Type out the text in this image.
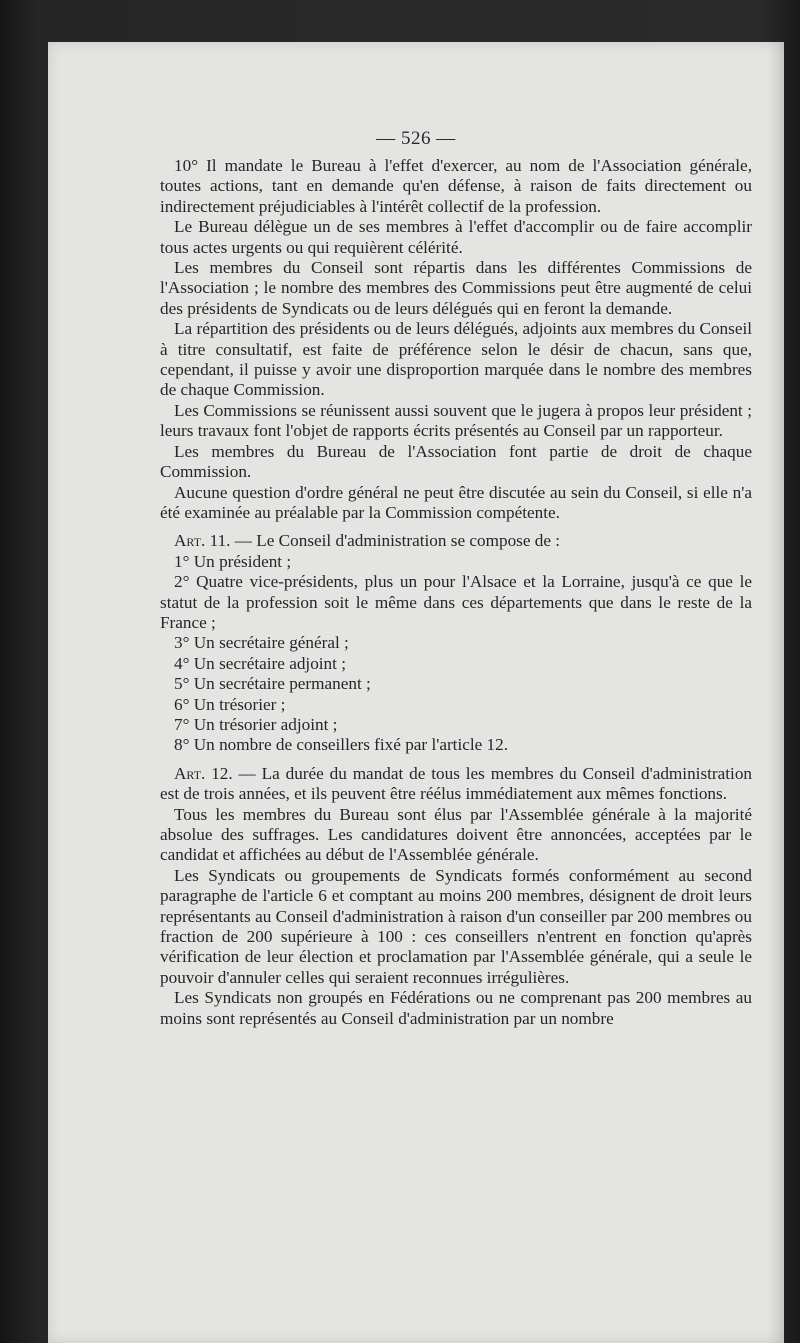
— 526 —

10° Il mandate le Bureau à l'effet d'exercer, au nom de l'Association générale, toutes actions, tant en demande qu'en défense, à raison de faits directement ou indirectement préjudiciables à l'intérêt collectif de la profession.

Le Bureau délègue un de ses membres à l'effet d'accomplir ou de faire accomplir tous actes urgents ou qui requièrent célérité.

Les membres du Conseil sont répartis dans les différentes Commissions de l'Association ; le nombre des membres des Commissions peut être augmenté de celui des présidents de Syndicats ou de leurs délégués qui en feront la demande.

La répartition des présidents ou de leurs délégués, adjoints aux membres du Conseil à titre consultatif, est faite de préférence selon le désir de chacun, sans que, cependant, il puisse y avoir une disproportion marquée dans le nombre des membres de chaque Commission.

Les Commissions se réunissent aussi souvent que le jugera à propos leur président ; leurs travaux font l'objet de rapports écrits présentés au Conseil par un rapporteur.

Les membres du Bureau de l'Association font partie de droit de chaque Commission.

Aucune question d'ordre général ne peut être discutée au sein du Conseil, si elle n'a été examinée au préalable par la Commission compétente.

Art. 11. — Le Conseil d'administration se compose de :

1° Un président ;

2° Quatre vice-présidents, plus un pour l'Alsace et la Lorraine, jusqu'à ce que le statut de la profession soit le même dans ces départements que dans le reste de la France ;

3° Un secrétaire général ;

4° Un secrétaire adjoint ;

5° Un secrétaire permanent ;

6° Un trésorier ;

7° Un trésorier adjoint ;

8° Un nombre de conseillers fixé par l'article 12.

Art. 12. — La durée du mandat de tous les membres du Conseil d'administration est de trois années, et ils peuvent être réélus immédiatement aux mêmes fonctions.

Tous les membres du Bureau sont élus par l'Assemblée générale à la majorité absolue des suffrages. Les candidatures doivent être annoncées, acceptées par le candidat et affichées au début de l'Assemblée générale.

Les Syndicats ou groupements de Syndicats formés conformément au second paragraphe de l'article 6 et comptant au moins 200 membres, désignent de droit leurs représentants au Conseil d'administration à raison d'un conseiller par 200 membres ou fraction de 200 supérieure à 100 : ces conseillers n'entrent en fonction qu'après vérification de leur élection et proclamation par l'Assemblée générale, qui a seule le pouvoir d'annuler celles qui seraient reconnues irrégulières.

Les Syndicats non groupés en Fédérations ou ne comprenant pas 200 membres au moins sont représentés au Conseil d'administration par un nombre
